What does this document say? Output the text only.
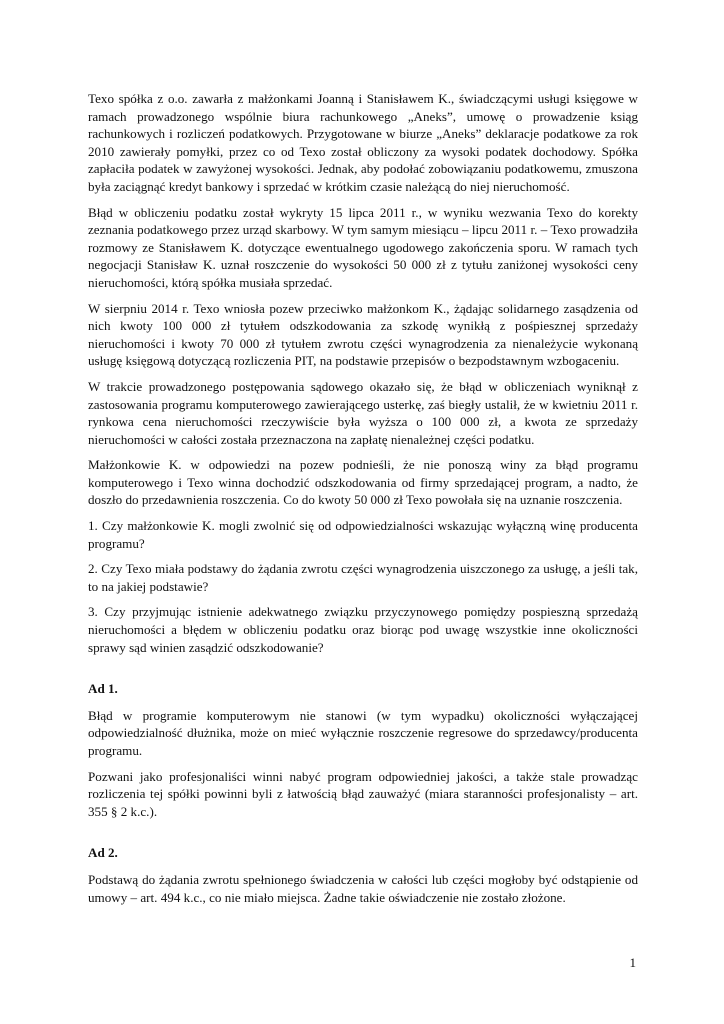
Texo spółka z o.o. zawarła z małżonkami Joanną i Stanisławem K., świadczącymi usługi księgowe w ramach prowadzonego wspólnie biura rachunkowego „Aneks”, umowę o prowadzenie ksiąg rachunkowych i rozliczeń podatkowych. Przygotowane w biurze „Aneks” deklaracje podatkowe za rok 2010 zawierały pomyłki, przez co od Texo został obliczony za wysoki podatek dochodowy. Spółka zapłaciła podatek w zawyżonej wysokości. Jednak, aby podołać zobowiązaniu podatkowemu, zmuszona była zaciągnąć kredyt bankowy i sprzedać w krótkim czasie należącą do niej nieruchomość.

Błąd w obliczeniu podatku został wykryty 15 lipca 2011 r., w wyniku wezwania Texo do korekty zeznania podatkowego przez urząd skarbowy. W tym samym miesiącu – lipcu 2011 r. – Texo prowadziła rozmowy ze Stanisławem K. dotyczące ewentualnego ugodowego zakończenia sporu. W ramach tych negocjacji Stanisław K. uznał roszczenie do wysokości 50 000 zł z tytułu zaniżonej wysokości ceny nieruchomości, którą spółka musiała sprzedać.

W sierpniu 2014 r. Texo wniosła pozew przeciwko małżonkom K., żądając solidarnego zasądzenia od nich kwoty 100 000 zł tytułem odszkodowania za szkodę wynikłą z pośpiesznej sprzedaży nieruchomości i kwoty 70 000 zł tytułem zwrotu części wynagrodzenia za nienależycie wykonaną usługę księgową dotyczącą rozliczenia PIT, na podstawie przepisów o bezpodstawnym wzbogaceniu.

W trakcie prowadzonego postępowania sądowego okazało się, że błąd w obliczeniach wyniknął z zastosowania programu komputerowego zawierającego usterkę, zaś biegły ustalił, że w kwietniu 2011 r. rynkowa cena nieruchomości rzeczywiście była wyższa o 100 000 zł, a kwota ze sprzedaży nieruchomości w całości została przeznaczona na zapłatę nienależnej części podatku.

Małżonkowie K. w odpowiedzi na pozew podnieśli, że nie ponoszą winy za błąd programu komputerowego i Texo winna dochodzić odszkodowania od firmy sprzedającej program, a nadto, że doszło do przedawnienia roszczenia. Co do kwoty 50 000 zł Texo powołała się na uznanie roszczenia.

1. Czy małżonkowie K. mogli zwolnić się od odpowiedzialności wskazując wyłączną winę producenta programu?

2. Czy Texo miała podstawy do żądania zwrotu części wynagrodzenia uiszczonego za usługę, a jeśli tak, to na jakiej podstawie?

3. Czy przyjmując istnienie adekwatnego związku przyczynowego pomiędzy pospieszną sprzedażą nieruchomości a błędem w obliczeniu podatku oraz biorąc pod uwagę wszystkie inne okoliczności sprawy sąd winien zasądzić odszkodowanie?

Ad 1.

Błąd w programie komputerowym nie stanowi (w tym wypadku) okoliczności wyłączającej odpowiedzialność dłużnika, może on mieć wyłącznie roszczenie regresowe do sprzedawcy/producenta programu.

Pozwani jako profesjonaliści winni nabyć program odpowiedniej jakości, a także stale prowadząc rozliczenia tej spółki powinni byli z łatwością błąd zauważyć (miara staranności profesjonalisty – art. 355 § 2 k.c.).

Ad 2.

Podstawą do żądania zwrotu spełnionego świadczenia w całości lub części mogłoby być odstąpienie od umowy – art. 494 k.c., co nie miało miejsca. Żadne takie oświadczenie nie zostało złożone.

1
